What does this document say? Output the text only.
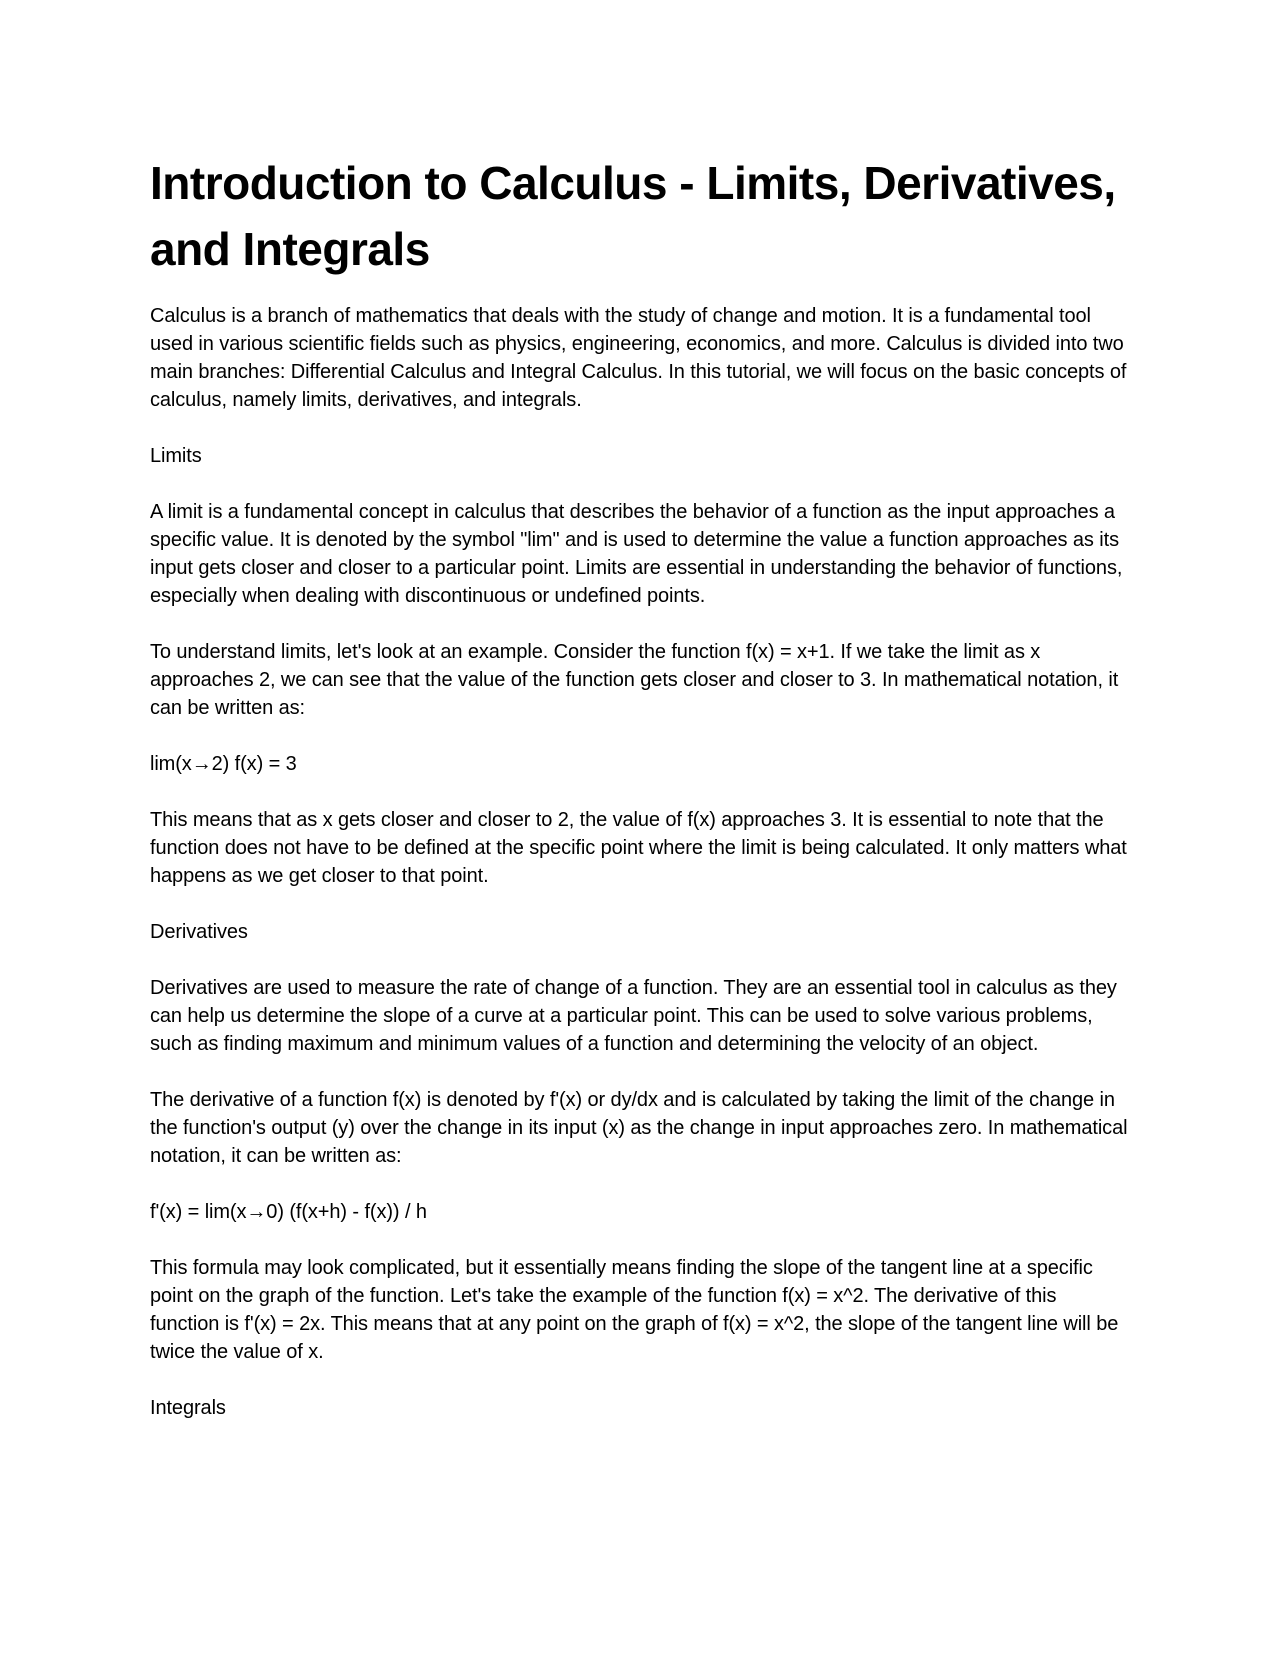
Introduction to Calculus - Limits, Derivatives, and Integrals

Calculus is a branch of mathematics that deals with the study of change and motion. It is a fundamental tool used in various scientific fields such as physics, engineering, economics, and more. Calculus is divided into two main branches: Differential Calculus and Integral Calculus. In this tutorial, we will focus on the basic concepts of calculus, namely limits, derivatives, and integrals.

Limits

A limit is a fundamental concept in calculus that describes the behavior of a function as the input approaches a specific value. It is denoted by the symbol "lim" and is used to determine the value a function approaches as its input gets closer and closer to a particular point. Limits are essential in understanding the behavior of functions, especially when dealing with discontinuous or undefined points.

To understand limits, let's look at an example. Consider the function f(x) = x+1. If we take the limit as x approaches 2, we can see that the value of the function gets closer and closer to 3. In mathematical notation, it can be written as:

lim(x→2) f(x) = 3

This means that as x gets closer and closer to 2, the value of f(x) approaches 3. It is essential to note that the function does not have to be defined at the specific point where the limit is being calculated. It only matters what happens as we get closer to that point.

Derivatives

Derivatives are used to measure the rate of change of a function. They are an essential tool in calculus as they can help us determine the slope of a curve at a particular point. This can be used to solve various problems, such as finding maximum and minimum values of a function and determining the velocity of an object.

The derivative of a function f(x) is denoted by f'(x) or dy/dx and is calculated by taking the limit of the change in the function's output (y) over the change in its input (x) as the change in input approaches zero. In mathematical notation, it can be written as:

f'(x) = lim(x→0) (f(x+h) - f(x)) / h

This formula may look complicated, but it essentially means finding the slope of the tangent line at a specific point on the graph of the function. Let's take the example of the function f(x) = x^2. The derivative of this function is f'(x) = 2x. This means that at any point on the graph of f(x) = x^2, the slope of the tangent line will be twice the value of x.

Integrals
